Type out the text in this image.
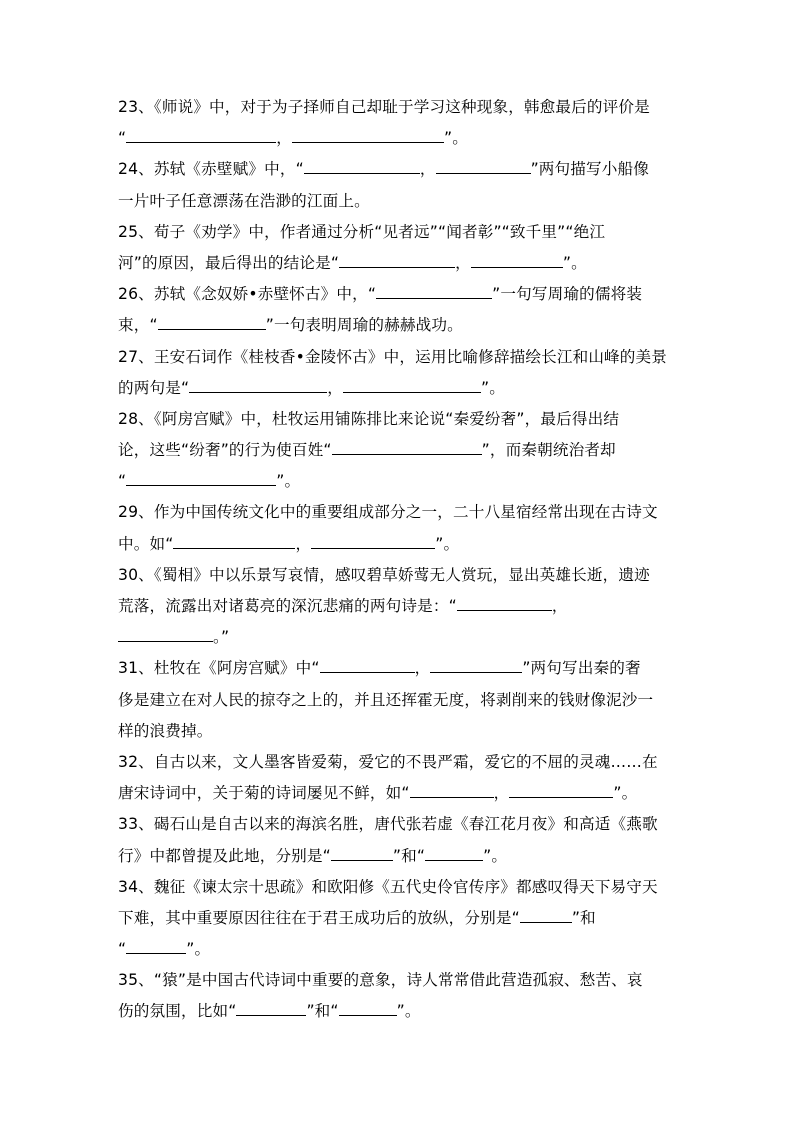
23、《师说》中，对于为子择师自己却耻于学习这种现象，韩愈最后的评价是
“	，	”。
24、苏轼《赤壁赋》中，“	，	”两句描写小船像
一片叶子任意漂荡在浩渺的江面上。
25、荀子《劝学》中，作者通过分析“见者远”“闻者彰”“致千里”“绝江
河”的原因，最后得出的结论是“	，	”。
26、苏轼《念奴娇•赤壁怀古》中，“	”一句写周瑜的儒将装
束，“	”一句表明周瑜的赫赫战功。
27、王安石词作《桂枝香•金陵怀古》中，运用比喻修辞描绘长江和山峰的美景
的两句是“	，	”。
28、《阿房宫赋》中，杜牧运用铺陈排比来论说“秦爱纷奢”，最后得出结
论，这些“纷奢”的行为使百姓“	”，而秦朝统治者却
“	”。
29、作为中国传统文化中的重要组成部分之一，二十八星宿经常出现在古诗文
中。如“	，	”。
30、《蜀相》中以乐景写哀情，感叹碧草娇莺无人赏玩，显出英雄长逝，遗迹
荒落，流露出对诸葛亮的深沉悲痛的两句诗是：“	，
。”
31、杜牧在《阿房宫赋》中“	，	”两句写出秦的奢
侈是建立在对人民的掠夺之上的，并且还挥霍无度，将剥削来的钱财像泥沙一
样的浪费掉。
32、自古以来，文人墨客皆爱菊，爱它的不畏严霜，爱它的不屈的灵魂……在
唐宋诗词中，关于菊的诗词屡见不鲜，如“	，	”。
33、碣石山是自古以来的海滨名胜，唐代张若虚《春江花月夜》和高适《燕歌
行》中都曾提及此地，分别是“	”和“	”。
34、魏征《谏太宗十思疏》和欧阳修《五代史伶官传序》都感叹得天下易守天
下难，其中重要原因往往在于君王成功后的放纵，分别是“	”和
“	”。
35、“猿”是中国古代诗词中重要的意象，诗人常常借此营造孤寂、愁苦、哀
伤的氛围，比如“	”和“	”。
